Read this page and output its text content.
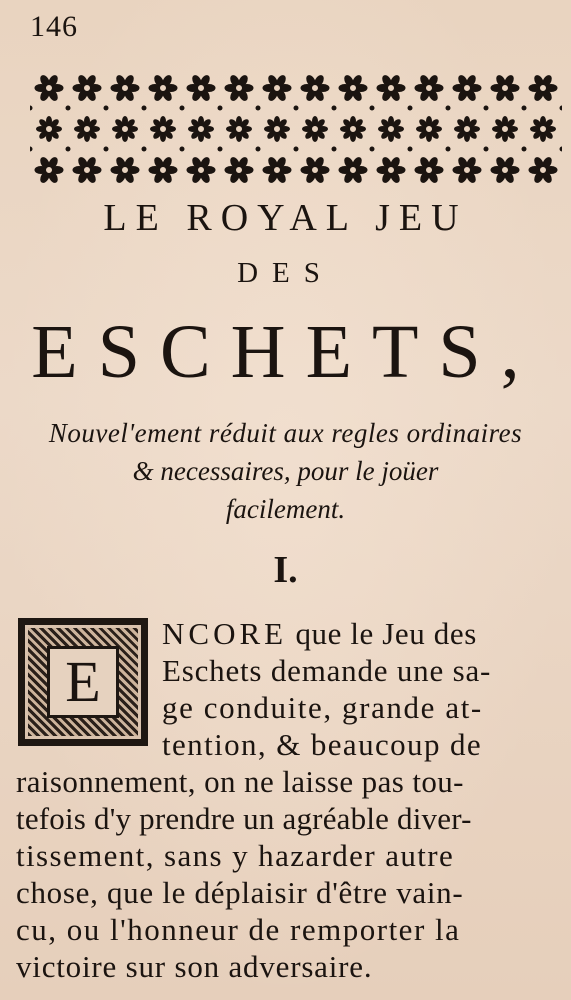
146
LE ROYAL JEU
DES
ESCHETS,
Nouvel'ement réduit aux regles ordinaires
& necessaires, pour le joüer
facilement.
I.
E
NCORE que le Jeu des
Eschets demande une sa-
ge conduite, grande at-
tention, & beaucoup de
raisonnement, on ne laisse pas tou-
tefois d'y prendre un agréable diver-
tissement, sans y hazarder autre
chose, que le déplaisir d'être vain-
cu, ou l'honneur de remporter la
victoire sur son adversaire.
